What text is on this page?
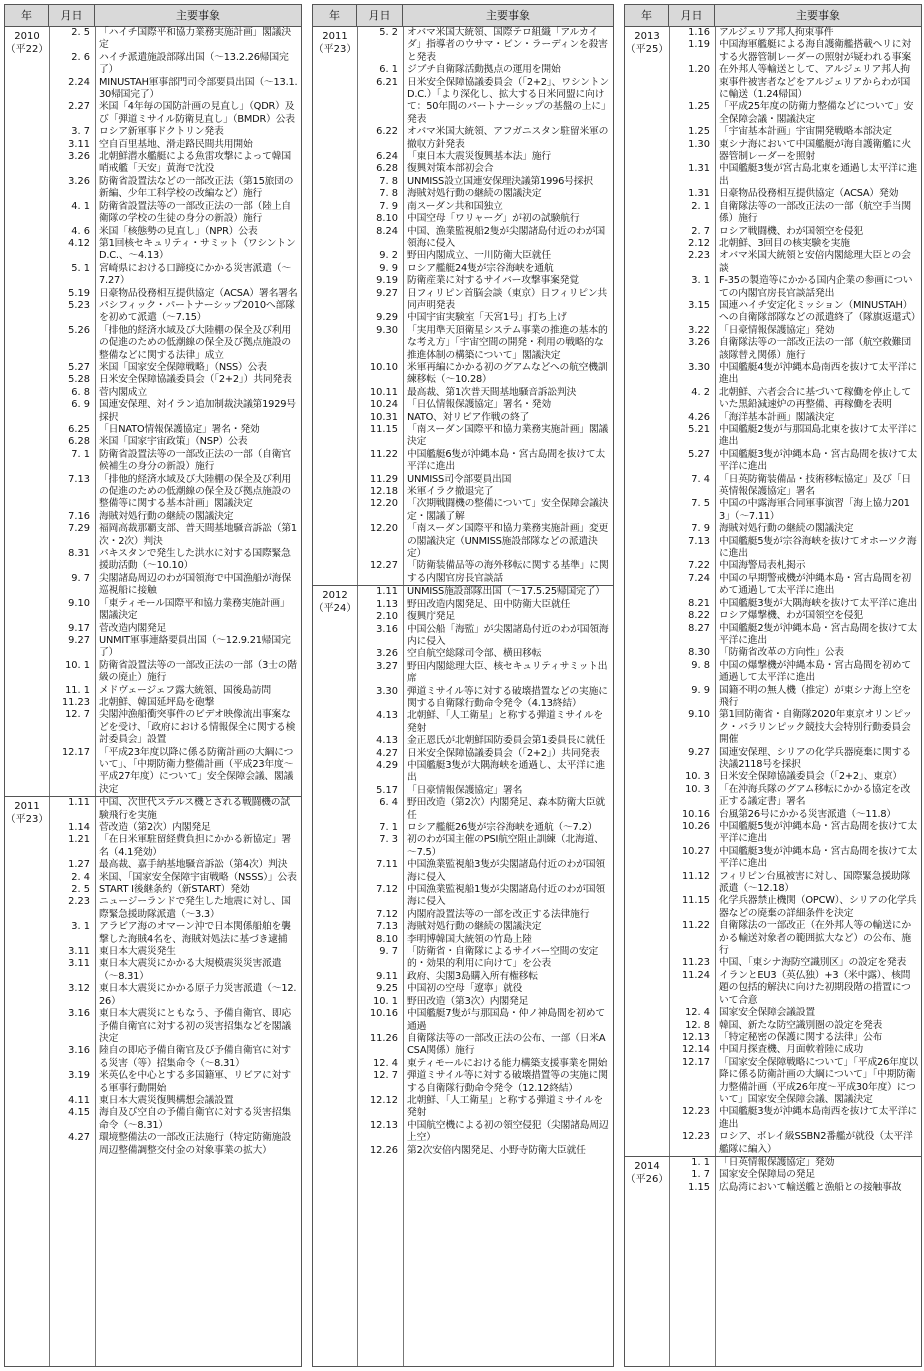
年	月日	主要事象
2010
（平22）
2. 5 「ハイチ国際平和協力業務実施計画」閣議決定
2. 6 ハイチ派遣施設部隊出国（～13.2.26帰国完了）
2.24 MINUSTAH軍事部門司令部要員出国（～13.1.30帰国完了）
2.27 米国「4年毎の国防計画の見直し」（QDR）及び「弾道ミサイル防衛見直し」（BMDR）公表
3. 7 ロシア新軍事ドクトリン発表
3.11 空自百里基地、滑走路民間共用開始
3.26 北朝鮮潜水艦艇による魚雷攻撃によって韓国哨戒艦「天安」黄海で沈没
3.26 防衛省設置法などの一部改正法（第15旅団の新編、少年工科学校の改編など）施行
4. 1 防衛省設置法等の一部改正法の一部（陸上自衛隊の学校の生徒の身分の新設）施行
4. 6 米国「核態勢の見直し」（NPR）公表
4.12 第1回核セキュリティ・サミット（ワシントンD.C.、～4.13）
5. 1 宮崎県における口蹄疫にかかる災害派遣（～7.27）
5.19 日豪物品役務相互提供協定（ACSA）署名署名
5.23 パシフィック・パートナーシップ2010へ部隊を初めて派遣（～7.15）
5.26 「排他的経済水域及び大陸棚の保全及び利用の促進のための低潮線の保全及び拠点施設の整備などに関する法律」成立
5.27 米国「国家安全保障戦略」（NSS）公表
5.28 日米安全保障協議委員会（「2+2」）共同発表
6. 8 菅内閣成立
6. 9 国連安保理、対イラン追加制裁決議第1929号採択
6.25 「日NATO情報保護協定」署名・発効
6.28 米国「国家宇宙政策」（NSP）公表
7. 1 防衛省設置法等の一部改正法の一部（自衛官候補生の身分の新設）施行
7.13 「排他的経済水域及び大陸棚の保全及び利用の促進のための低潮線の保全及び拠点施設の整備等に関する基本計画」閣議決定
7.16 海賊対処行動の継続の閣議決定
7.29 福岡高裁那覇支部、普天間基地騒音訴訟（第1次・2次）判決
8.31 パキスタンで発生した洪水に対する国際緊急援助活動（～10.10）
9. 7 尖閣諸島周辺のわが国領海で中国漁船が海保巡視船に接触
9.10 「東ティモール国際平和協力業務実施計画」閣議決定
9.17 菅改造内閣発足
9.27 UNMIT軍事連絡要員出国（～12.9.21帰国完了）
10. 1 防衛省設置法等の一部改正法の一部（3士の階級の廃止）施行
11. 1 メドヴェージェフ露大統領、国後島訪問
11.23 北朝鮮、韓国延坪島を砲撃
12. 7 尖閣沖漁船衝突事件のビデオ映像流出事案などを受け、「政府における情報保全に関する検討委員会」設置
12.17 「平成23年度以降に係る防衛計画の大綱について」、「中期防衛力整備計画（平成23年度～平成27年度）について」安全保障会議、閣議決定
2011
（平23）
1.11 中国、次世代ステルス機とされる戦闘機の試験飛行を実施
1.14 菅改造（第2次）内閣発足
1.21 「在日米軍駐留経費負担にかかる新協定」署名（4.1発効）
1.27 最高裁、嘉手納基地騒音訴訟（第4次）判決
2. 4 米国、「国家安全保障宇宙戦略（NSSS）」公表
2. 5 START I後継条約（新START）発効
2.23 ニュージーランドで発生した地震に対し、国際緊急援助隊派遣（～3.3）
3. 1 アラビア海のオマーン沖で日本関係船舶を襲撃した海賊4名を、海賊対処法に基づき逮捕
3.11 東日本大震災発生
3.11 東日本大震災にかかる大規模震災災害派遣（～8.31）
3.12 東日本大震災にかかる原子力災害派遣（～12.26）
3.16 東日本大震災にともなう、予備自衛官、即応予備自衛官に対する初の災害招集などを閣議決定
3.16 陸自の即応予備自衛官及び予備自衛官に対する災害（等）招集命令（～8.31）
3.19 米英仏を中心とする多国籍軍、リビアに対する軍事行動開始
4.11 東日本大震災復興構想会議設置
4.15 海自及び空自の予備自衛官に対する災害招集命令（～8.31）
4.27 環境整備法の一部改正法施行（特定防衛施設周辺整備調整交付金の対象事業の拡大）
年	月日	主要事象
2011
（平23）
5. 2 オバマ米国大統領、国際テロ組織「アルカイダ」指導者のウサマ・ビン・ラーディンを殺害と発表
6. 1 ジブチ自衛隊活動拠点の運用を開始
6.21 日米安全保障協議委員会（「2+2」、ワシントンD.C.）「より深化し、拡大する日米同盟に向けて：50年間のパートナーシップの基盤の上に」発表
6.22 オバマ米国大統領、アフガニスタン駐留米軍の撤収方針発表
6.24 「東日本大震災復興基本法」施行
6.28 復興対策本部初会合
7. 8 UNMISS設立国連安保理決議第1996号採択
7. 8 海賊対処行動の継続の閣議決定
7. 9 南スーダン共和国独立
8.10 中国空母「ワリャーグ」が初の試験航行
8.24 中国、漁業監視船2隻が尖閣諸島付近のわが国領海に侵入
9. 2 野田内閣成立、一川防衛大臣就任
9. 9 ロシア艦艇24隻が宗谷海峡を通航
9.19 防衛産業に対するサイバー攻撃事案発覚
9.27 日フィリピン首脳会談（東京）日フィリピン共同声明発表
9.29 中国宇宙実験室「天宮1号」打ち上げ
9.30 「実用準天頂衛星システム事業の推進の基本的な考え方」「宇宙空間の開発・利用の戦略的な推進体制の構築について」閣議決定
10.10 米軍再編にかかる初のグアムなどへの航空機訓練移転（～10.28）
10.11 最高裁、第1次普天間基地騒音訴訟判決
10.24 「日仏情報保護協定」署名・発効
10.31 NATO、対リビア作戦の終了
11.15 「南スーダン国際平和協力業務実施計画」閣議決定
11.22 中国艦艇6隻が沖縄本島・宮古島間を抜けて太平洋に進出
11.29 UNMISS司令部要員出国
12.18 米軍イラク撤退完了
12.20 「次期戦闘機の整備について」安全保障会議決定・閣議了解
12.20 「南スーダン国際平和協力業務実施計画」変更の閣議決定（UNMISS施設部隊などの派遣決定）
12.27 「防衛装備品等の海外移転に関する基準」に関する内閣官房長官談話
2012
（平24）
1.11 UNMISS施設部隊出国（～17.5.25帰国完了）
1.13 野田改造内閣発足、田中防衛大臣就任
2.10 復興庁発足
3.16 中国公船「海監」が尖閣諸島付近のわが国領海内に侵入
3.26 空自航空総隊司令部、横田移転
3.27 野田内閣総理大臣、核セキュリティサミット出席
3.30 弾道ミサイル等に対する破壊措置などの実施に関する自衛隊行動命令発令（4.13終結）
4.13 北朝鮮、「人工衛星」と称する弾道ミサイルを発射
4.13 金正恩氏が北朝鮮国防委員会第1委員長に就任
4.27 日米安全保障協議委員会（「2+2」）共同発表
4.29 中国艦艇3隻が大隅海峡を通過し、太平洋に進出
5.17 「日豪情報保護協定」署名
6. 4 野田改造（第2次）内閣発足、森本防衛大臣就任
7. 1 ロシア艦艇26隻が宗谷海峡を通航（～7.2）
7. 3 初のわが国主催のPSI航空阻止訓練（北海道、～7.5）
7.11 中国漁業監視船3隻が尖閣諸島付近のわが国領海に侵入
7.12 中国漁業監視船1隻が尖閣諸島付近のわが国領海に侵入
7.12 内閣府設置法等の一部を改正する法律施行
7.13 海賊対処行動の継続の閣議決定
8.10 李明博韓国大統領の竹島上陸
9. 7 「防衛省・自衛隊によるサイバー空間の安定的・効果的利用に向けて」を公表
9.11 政府、尖閣3島購入所有権移転
9.25 中国初の空母「遼寧」就役
10. 1 野田改造（第3次）内閣発足
10.16 中国艦艇7隻が与那国島・仲ノ神島間を初めて通過
11.26 自衛隊法等の一部改正法の公布、一部（日米ACSA関係）施行
12. 4 東ティモールにおける能力構築支援事業を開始
12. 7 弾道ミサイル等に対する破壊措置等の実施に関する自衛隊行動命令発令（12.12終結）
12.12 北朝鮮、「人工衛星」と称する弾道ミサイルを発射
12.13 中国航空機による初の領空侵犯（尖閣諸島周辺上空）
12.26 第2次安倍内閣発足、小野寺防衛大臣就任
年	月日	主要事象
2013
（平25）
1.16 アルジェリア邦人拘束事件
1.19 中国海軍艦艇による海自護衛艦搭載ヘリに対する火器管制レーダーの照射が疑われる事案
1.20 在外邦人等輸送として、アルジェリア邦人拘束事件被害者などをアルジェリアからわが国に輸送（1.24帰国）
1.25 「平成25年度の防衛力整備などについて」安全保障会議・閣議決定
1.25 「宇宙基本計画」宇宙開発戦略本部決定
1.30 東シナ海において中国艦艇が海自護衛艦に火器管制レーダーを照射
1.31 中国艦艇3隻が宮古島北東を通過し太平洋に進出
1.31 日豪物品役務相互提供協定（ACSA）発効
2. 1 自衛隊法等の一部改正法の一部（航空手当関係）施行
2. 7 ロシア戦闘機、わが国領空を侵犯
2.12 北朝鮮、3回目の核実験を実施
2.23 オバマ米国大統領と安倍内閣総理大臣との会談
3. 1 F-35の製造等にかかる国内企業の参画についての内閣官房長官談話発出
3.15 国連ハイチ安定化ミッション（MINUSTAH）への自衛隊部隊などの派遣終了（隊旗返還式）
3.22 「日豪情報保護協定」発効
3.26 自衛隊法等の一部改正法の一部（航空救難団該隊替え関係）施行
3.30 中国艦艇4隻が沖縄本島南西を抜けて太平洋に進出
4. 2 北朝鮮、六者会合に基づいて稼働を停止していた黒鉛減速炉の再整備、再稼働を表明
4.26 「海洋基本計画」閣議決定
5.21 中国艦艇2隻が与那国島北東を抜けて太平洋に進出
5.27 中国艦艇3隻が沖縄本島・宮古島間を抜けて太平洋に進出
7. 4 「日英防衛装備品・技術移転協定」及び「日英情報保護協定」署名
7. 5 中国の中露海軍合同軍事演習「海上協力2013」（～7.11）
7. 9 海賊対処行動の継続の閣議決定
7.13 中国艦艇5隻が宗谷海峡を抜けてオホーツク海に進出
7.22 中国海警局表札掲示
7.24 中国の早期警戒機が沖縄本島・宮古島間を初めて通過して太平洋に進出
8.21 中国艦艇3隻が大隅海峡を抜けて太平洋に進出
8.22 ロシア爆撃機、わが国領空を侵犯
8.27 中国艦艇2隻が沖縄本島・宮古島間を抜けて太平洋に進出
8.30 「防衛省改革の方向性」公表
9. 8 中国の爆撃機が沖縄本島・宮古島間を初めて通過して太平洋に進出
9. 9 国籍不明の無人機（推定）が東シナ海上空を飛行
9.10 第1回防衛省・自衛隊2020年東京オリンピック・パラリンピック競技大会特別行動委員会開催
9.27 国連安保理、シリアの化学兵器廃棄に関する決議2118号を採択
10. 3 日米安全保障協議委員会（「2+2」、東京）
10. 3 「在沖海兵隊のグアム移転にかかる協定を改正する議定書」署名
10.16 台風第26号にかかる災害派遣（～11.8）
10.26 中国艦艇5隻が沖縄本島・宮古島間を抜けて太平洋に進出
10.27 中国艦艇3隻が沖縄本島・宮古島間を抜けて太平洋に進出
11.12 フィリピン台風被害に対し、国際緊急援助隊派遣（～12.18）
11.15 化学兵器禁止機関（OPCW）、シリアの化学兵器などの廃棄の詳細条件を決定
11.22 自衛隊法の一部改正（在外邦人等の輸送にかかる輸送対象者の範囲拡大など）の公布、施行
11.23 中国、「東シナ海防空識別区」の設定を発表
11.24 イランとEU3（英仏独）+3（米中露）、核問題の包括的解決に向けた初期段階の措置について合意
12. 4 国家安全保障会議設置
12. 8 韓国、新たな防空識別圏の設定を発表
12.13 「特定秘密の保護に関する法律」公布
12.14 中国月探査機、月面軟着陸に成功
12.17 「国家安全保障戦略について」「平成26年度以降に係る防衛計画の大綱について」「中期防衛力整備計画（平成26年度～平成30年度）について」国家安全保障会議、閣議決定
12.23 中国艦艇3隻が沖縄本島南西を抜けて太平洋に進出
12.23 ロシア、ボレイ級SSBN2番艦が就役（太平洋艦隊に編入）
2014
（平26）
1. 1 「日英情報保護協定」発効
1. 7 国家安全保障局の発足
1.15 広島湾において輸送艦と漁船との接触事故
